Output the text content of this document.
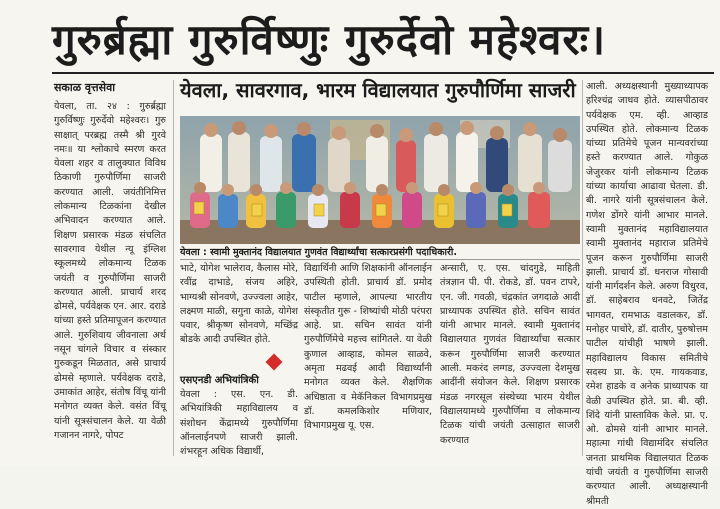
गुरुर्ब्रह्मा गुरुर्विष्णुः गुरुर्देवो महेश्वरः।
सकाळ वृत्तसेवा	येवला, सावरगाव, भारम विद्यालयात गुरुपौर्णिमा साजरी
येवला, ता. २४ : गुरुर्ब्रह्मा गुरुर्विष्णुः गुरुर्देवो महेश्वरः। गुरु साक्षात् परब्रह्म तस्मै श्री गुरवे नमः॥ या श्लोकाचे स्मरण करत येवला शहर व तालुक्यात विविध ठिकाणी गुरुपौर्णिमा साजरी करण्यात आली. जयंतीनिमित्त लोकमान्य टिळकांना देखील अभिवादन करण्यात आले. शिक्षण प्रसारक मंडळ संचलित सावरगाव येथील न्यू इंग्लिश स्कूलमध्ये लोकमान्य टिळक जयंती व गुरुपौर्णिमा साजरी करण्यात आली. प्राचार्य शरद ढोमसे, पर्यवेक्षक एन. आर. दराडे यांच्या हस्ते प्रतिमापूजन करण्यात आले. गुरुशिवाय जीवनाला अर्थ नसून चांगले विचार व संस्कार गुरुकडून मिळतात, असे प्राचार्य ढोमसे म्हणाले. पर्यवेक्षक दराडे, उमाकांत आहेर, संतोष विंचू यांनी मनोगत व्यक्त केले. वसंत विंचू यांनी सूत्रसंचालन केले. या वेळी गजानन नागरे, पोपट
येवला : स्वामी मुक्तानंद विद्यालयात गुणवंत विद्यार्थ्यांचा सत्कारप्रसंगी पदाधिकारी.
भाटे, योगेश भालेराव, कैलास मोरे, रवींद्र दाभाडे, संजय अहिरे, भाग्यश्री सोनवणे, उज्ज्वला आहेर, लक्ष्मण माळी, सगुना काळे, योगेश पवार, श्रीकृष्ण सोनवणे, मच्छिंद्र बोडके आदी उपस्थित होते.
एसएनडी अभियांत्रिकी
येवला : एस. एन. डी. अभियांत्रिकी महाविद्यालय व संशोधन केंद्रामध्ये गुरुपौर्णिमा ऑनलाईनपणे साजरी झाली. शंभरहून अधिक विद्यार्थी,
विद्यार्थिनी आणि शिक्षकांनी ऑनलाईन उपस्थिती होती. प्राचार्य डॉ. प्रमोद पाटील म्हणाले, आपल्या भारतीय संस्कृतीत गुरू - शिष्यांची मोठी परंपरा आहे. प्रा. सचिन सावंत यांनी गुरुपौर्णिमेचे महत्त्व सांगितले. या वेळी कुणाल आव्हाड, कोमल साळवे, अमृता मढवई आदी विद्यार्थ्यांनी मनोगत व्यक्त केले. शैक्षणिक अधिष्ठाता व मेकॅनिकल विभागप्रमुख डॉ. कमलकिशोर मणियार, विभागप्रमुख यू. एस.
अन्सारी, ए. एस. चांदगुडे, माहिती तंत्रज्ञान पी. पी. रोकडे, डॉ. पवन टापरे, एन. जी. गवळी, चंद्रकांत जगदाळे आदी प्राध्यापक उपस्थित होते. सचिन सावंत यांनी आभार मानले. स्वामी मुक्तानंद विद्यालयात गुणवंत विद्यार्थ्यांचा सत्कार करून गुरुपौर्णिमा साजरी करण्यात आली. मकरंद लग्गड, उज्ज्वला देशमुख आदींनी संयोजन केले. शिक्षण प्रसारक मंडळ नगरसूल संस्थेच्या भारम येथील विद्यालयामध्ये गुरुपौर्णिमा व लोकमान्य टिळक यांची जयंती उत्साहात साजरी करण्यात
आली. अध्यक्षस्थानी मुख्याध्यापक हरिश्चंद्र जाधव होते. व्यासपीठावर पर्यवेक्षक एम. व्ही. आव्हाड उपस्थित होते. लोकमान्य टिळक यांच्या प्रतिमेचे पूजन मान्यवरांच्या हस्ते करण्यात आले. गोकुळ जेजुरकर यांनी लोकमान्य टिळक यांच्या कार्याचा आढावा घेतला. डी. बी. नागरे यांनी सूत्रसंचालन केले. गणेश डोंगरे यांनी आभार मानले. स्वामी मुक्तानंद महाविद्यालयात स्वामी मुक्तानंद महाराज प्रतिमेचे पूजन करून गुरुपौर्णिमा साजरी झाली. प्राचार्य डॉ. धनराज गोसावी यांनी मार्गदर्शन केले. अरुण विधुरव, डॉ. साहेबराव धनवटे, जितेंद्र भागवत, रामभाऊ वडालकर, डॉ. मनोहर पाचोरे, डॉ. दातीर, पुरुषोत्तम पाटील यांचीही भाषणे झाली. महाविद्यालय विकास समितीचे सदस्य प्रा. के. एम. गायकवाड, रमेश हाडके व अनेक प्राध्यापक या वेळी उपस्थित होते. प्रा. बी. व्ही. शिंदे यांनी प्रास्ताविक केले. प्रा. ए. ओ. ढोमसे यांनी आभार मानले. महात्मा गांधी विद्यामंदिर संचलित जनता प्राथमिक विद्यालयात टिळक यांची जयंती व गुरुपौर्णिमा साजरी करण्यात आली. अध्यक्षस्थानी श्रीमती
